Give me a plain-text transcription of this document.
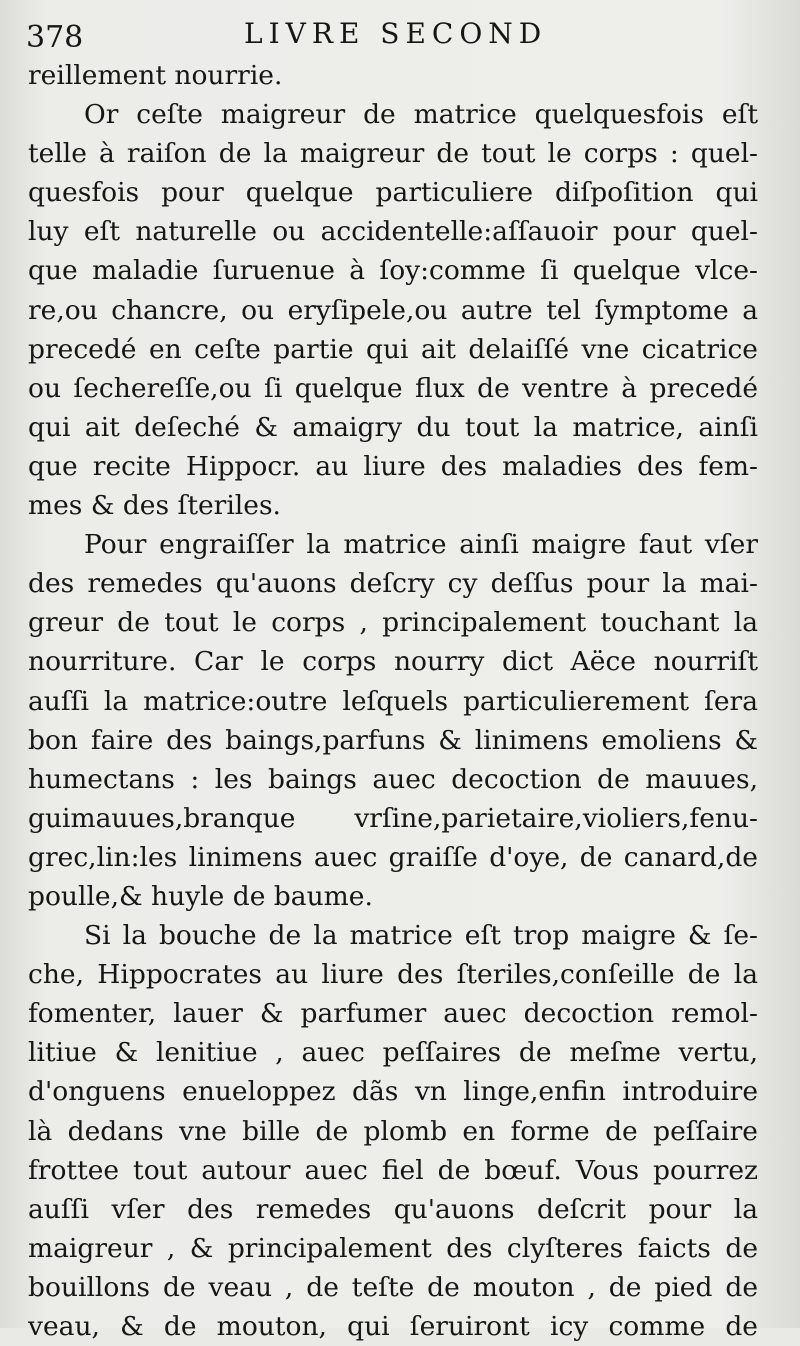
378	LIVRE SECOND
reillement nourrie.
Or ceſte maigreur de matrice quelquesfois eſt
telle à raiſon de la maigreur de tout le corps : quel-
quesfois pour quelque particuliere diſpoſition qui
luy eſt naturelle ou accidentelle:aſſauoir pour quel-
que maladie ſuruenue à ſoy:comme ſi quelque vlce-
re,ou chancre, ou eryſipele,ou autre tel ſymptome a
precedé en ceſte partie qui ait delaiſſé vne cicatrice
ou ſechereſſe,ou ſi quelque flux de ventre à precedé
qui ait deſeché & amaigry du tout la matrice, ainſi
que recite Hippocr. au liure des maladies des fem-
mes & des ſteriles.
Pour engraiſſer la matrice ainſi maigre faut vſer
des remedes qu'auons deſcry cy deſſus pour la mai-
greur de tout le corps , principalement touchant la
nourriture. Car le corps nourry dict Aëce nourriſt
auſſi la matrice:outre leſquels particulierement ſera
bon faire des baings,parfuns & linimens emoliens &
humectans : les baings auec decoction de mauues,
guimauues,branque vrſine,parietaire,violiers,fenu-
grec,lin:les linimens auec graiſſe d'oye, de canard,de
poulle,& huyle de baume.
Si la bouche de la matrice eſt trop maigre & ſe-
che, Hippocrates au liure des ſteriles,conſeille de la
fomenter, lauer & parfumer auec decoction remol-
litiue & lenitiue , auec peſſaires de meſme vertu,
d'onguens enueloppez dãs vn linge,enfin introduire
là dedans vne bille de plomb en forme de peſſaire
frottee tout autour auec fiel de bœuf. Vous pourrez
auſſi vſer des remedes qu'auons deſcrit pour la
maigreur , & principalement des clyſteres faicts de
bouillons de veau , de teſte de mouton , de pied de
veau, & de mouton, qui ſeruiront icy comme de
